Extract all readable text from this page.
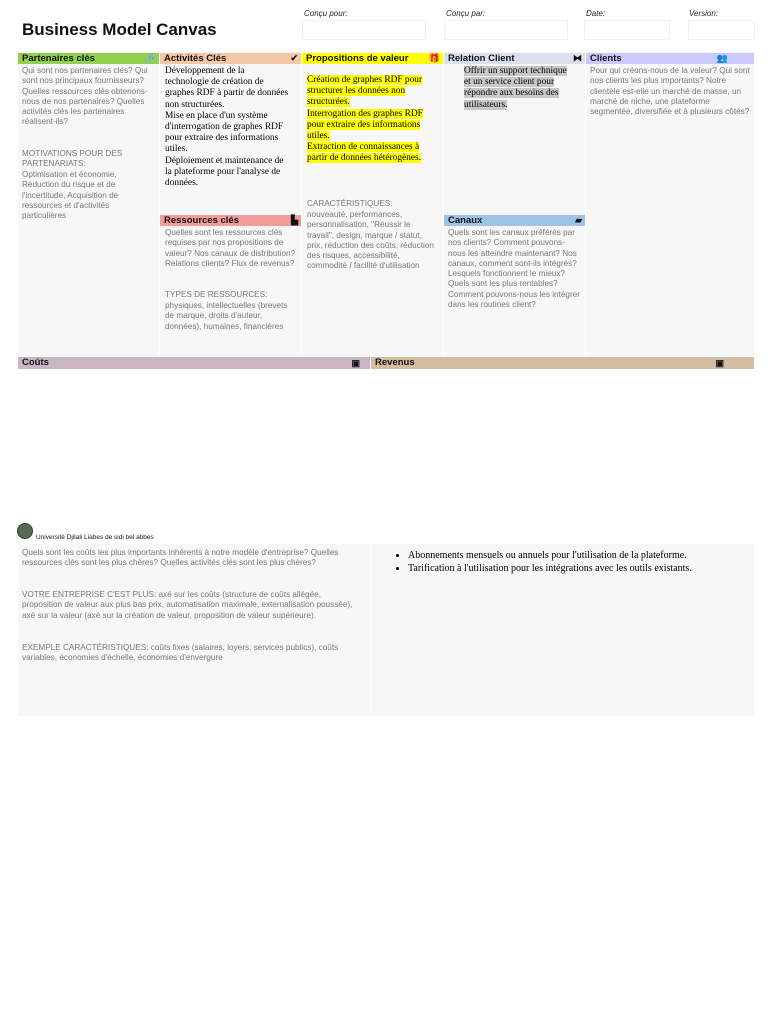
Business Model Canvas
Conçu pour:	Conçu par:	Date:	Version:
Partenaires clés	🔗
Qui sont nos partenaires clés? Qui sont nos principaux fournisseurs? Quelles ressources clés obtenons-nous de nos partenaires? Quelles activités clés les partenaires réalisent-ils?
MOTIVATIONS POUR DES PARTENARIATS:
Optimisation et économie, Réduction du risque et de l'incertitude, Acquisition de ressources et d'activités particulières
Activités Clés	✔
Développement de la technologie de création de graphes RDF à partir de données non structurées.
Mise en place d'un système d'interrogation de graphes RDF pour extraire des informations utiles.
Déploiement et maintenance de la plateforme pour l'analyse de données.
Ressources clés	▙
Quelles sont les ressources clés requises par nos propositions de valeur? Nos canaux de distribution? Relations clients? Flux de revenus?
TYPES DE RESSOURCES:
physiques, intellectuelles (brevets de marque, droits d'auteur, données), humaines, financières
Propositions de valeur 🎁
Création de graphes RDF pour structurer les données non structurées.
Interrogation des graphes RDF pour extraire des informations utiles.
Extraction de connaissances à partir de données hétérogènes.
CARACTÉRISTIQUES:
nouveauté, performances, personnalisation, "Réussir le travail", design, marque / statut, prix, réduction des coûts, réduction des risques, accessibilité, commodité / facilité d'utilisation
Relation Client	⧓
Offrir un support technique et un service client pour répondre aux besoins des utilisateurs.
Canaux	▰
Quels sont les canaux préférés par nos clients? Comment pouvons-nous les atteindre maintenant? Nos canaux, comment sont-ils intégrés? Lesquels fonctionnent le mieux? Quels sont les plus rentables? Comment pouvons-nous les intégrer dans les routines client?
Clients	👥
Pour qui créons-nous de la valeur? Qui sont nos clients les plus importants? Notre clientèle est-elle un marché de masse, un marché de niche, une plateforme segmentée, diversifiée et à plusieurs côtés?
Coûts	▣	Revenus	▣
Université Djilali Liabes de sidi bel abbes
Quels sont les coûts les plus importants inhérents à notre modèle d'entreprise? Quelles ressources clés sont les plus chères? Quelles activités clés sont les plus chères?
VOTRE ENTREPRISE C'EST PLUS: axé sur les coûts (structure de coûts allégée, proposition de valeur aux plus bas prix, automatisation maximale, externalisation poussée), axé sur la valeur (axé sur la création de valeur, proposition de valeur supérieure).
EXEMPLE CARACTÉRISTIQUES: coûts fixes (salaires, loyers, services publics), coûts variables, économies d'échelle, économies d'envergure
• Abonnements mensuels ou annuels pour l'utilisation de la plateforme.
• Tarification à l'utilisation pour les intégrations avec les outils existants.
